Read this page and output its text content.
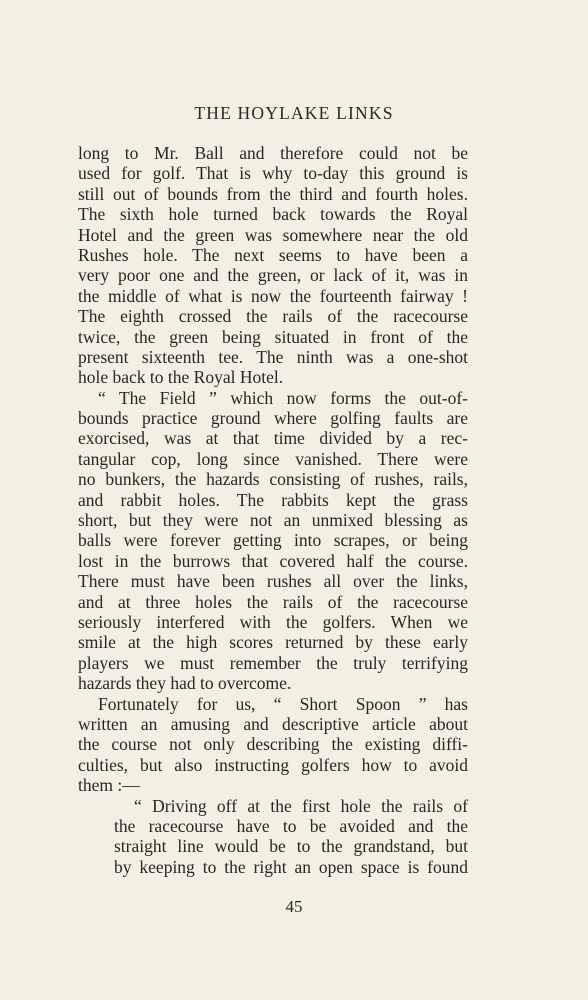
THE HOYLAKE LINKS
long to Mr. Ball and therefore could not be
used for golf. That is why to-day this ground is
still out of bounds from the third and fourth holes.
The sixth hole turned back towards the Royal
Hotel and the green was somewhere near the old
Rushes hole. The next seems to have been a
very poor one and the green, or lack of it, was in
the middle of what is now the fourteenth fairway !
The eighth crossed the rails of the racecourse
twice, the green being situated in front of the
present sixteenth tee. The ninth was a one-shot
hole back to the Royal Hotel.
“ The Field ” which now forms the out-of-
bounds practice ground where golfing faults are
exorcised, was at that time divided by a rec-
tangular cop, long since vanished. There were
no bunkers, the hazards consisting of rushes, rails,
and rabbit holes. The rabbits kept the grass
short, but they were not an unmixed blessing as
balls were forever getting into scrapes, or being
lost in the burrows that covered half the course.
There must have been rushes all over the links,
and at three holes the rails of the racecourse
seriously interfered with the golfers. When we
smile at the high scores returned by these early
players we must remember the truly terrifying
hazards they had to overcome.
Fortunately for us, “ Short Spoon ” has
written an amusing and descriptive article about
the course not only describing the existing diffi-
culties, but also instructing golfers how to avoid
them :—
“ Driving off at the first hole the rails of
the racecourse have to be avoided and the
straight line would be to the grandstand, but
by keeping to the right an open space is found
45
